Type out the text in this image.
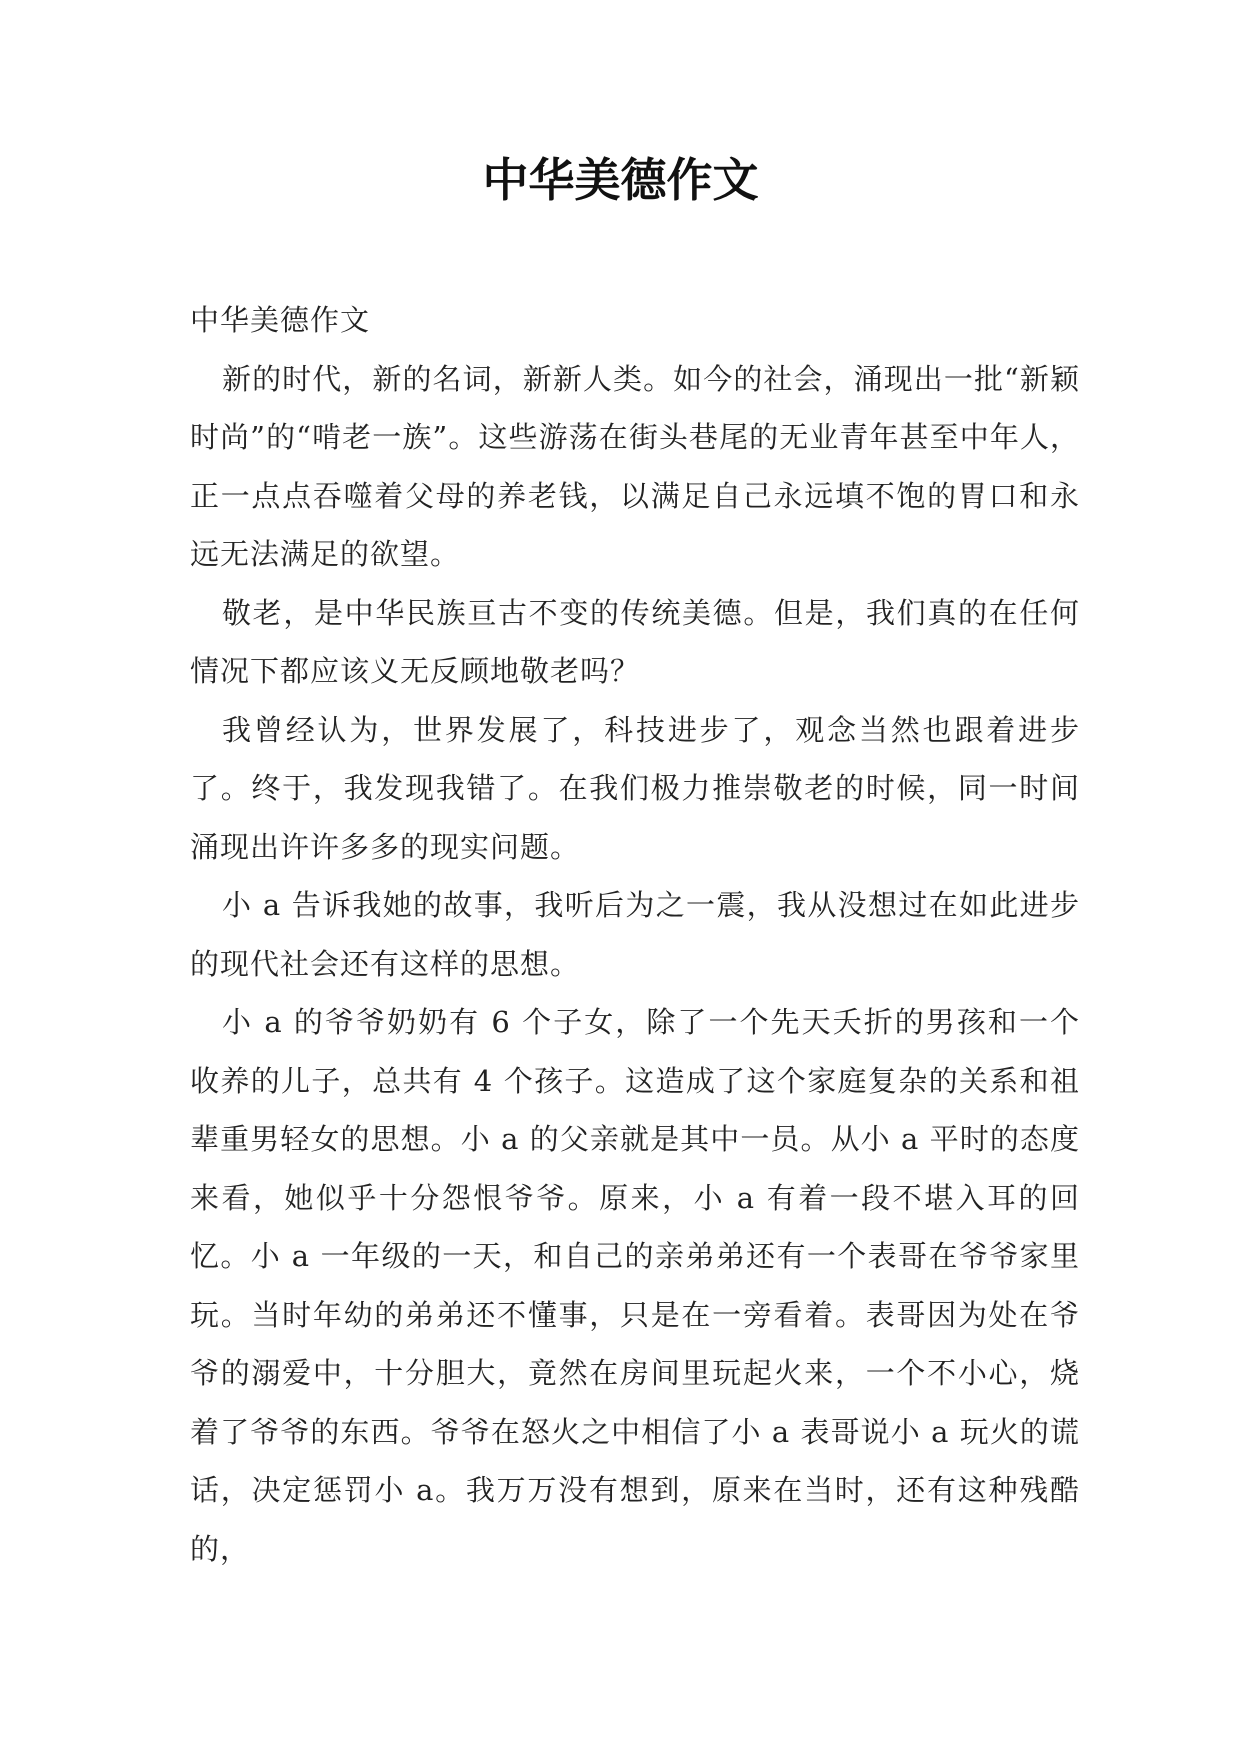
中华美德作文

中华美德作文

新的时代，新的名词，新新人类。如今的社会，涌现出一批“新颖时尚”的“啃老一族”。这些游荡在街头巷尾的无业青年甚至中年人，正一点点吞噬着父母的养老钱，以满足自己永远填不饱的胃口和永远无法满足的欲望。

敬老，是中华民族亘古不变的传统美德。但是，我们真的在任何情况下都应该义无反顾地敬老吗？

我曾经认为，世界发展了，科技进步了，观念当然也跟着进步了。终于，我发现我错了。在我们极力推崇敬老的时候，同一时间涌现出许许多多的现实问题。

小 a 告诉我她的故事，我听后为之一震，我从没想过在如此进步的现代社会还有这样的思想。

小 a 的爷爷奶奶有 6 个子女，除了一个先天夭折的男孩和一个收养的儿子，总共有 4 个孩子。这造成了这个家庭复杂的关系和祖辈重男轻女的思想。小 a 的父亲就是其中一员。从小 a 平时的态度来看，她似乎十分怨恨爷爷。原来，小 a 有着一段不堪入耳的回忆。小 a 一年级的一天，和自己的亲弟弟还有一个表哥在爷爷家里玩。当时年幼的弟弟还不懂事，只是在一旁看着。表哥因为处在爷爷的溺爱中，十分胆大，竟然在房间里玩起火来，一个不小心，烧着了爷爷的东西。爷爷在怒火之中相信了小 a 表哥说小 a 玩火的谎话，决定惩罚小 a。我万万没有想到，原来在当时，还有这种残酷的，
